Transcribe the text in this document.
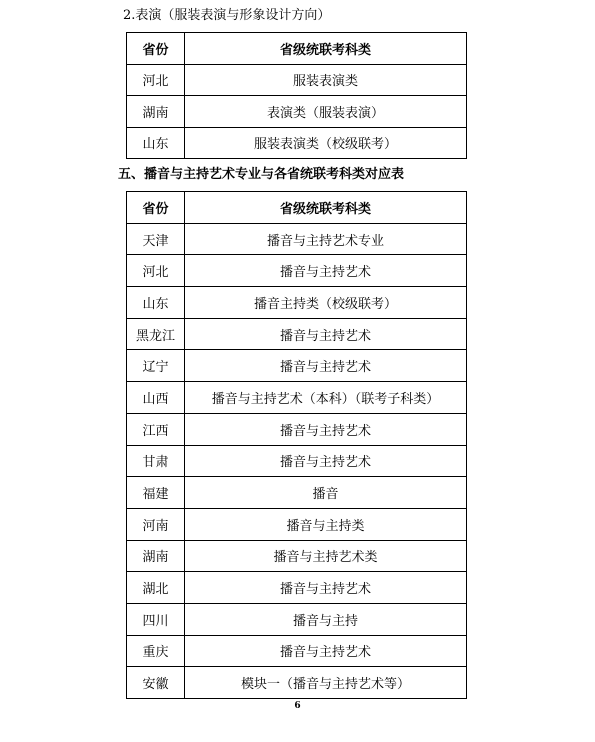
2.表演（服装表演与形象设计方向）
省份	省级统联考科类
河北	服装表演类
湖南	表演类（服装表演）
山东	服装表演类（校级联考）
五、播音与主持艺术专业与各省统联考科类对应表
省份	省级统联考科类
天津	播音与主持艺术专业
河北	播音与主持艺术
山东	播音主持类（校级联考）
黑龙江	播音与主持艺术
辽宁	播音与主持艺术
山西	播音与主持艺术（本科）（联考子科类）
江西	播音与主持艺术
甘肃	播音与主持艺术
福建	播音
河南	播音与主持类
湖南	播音与主持艺术类
湖北	播音与主持艺术
四川	播音与主持
重庆	播音与主持艺术
安徽	模块一（播音与主持艺术等）
6
